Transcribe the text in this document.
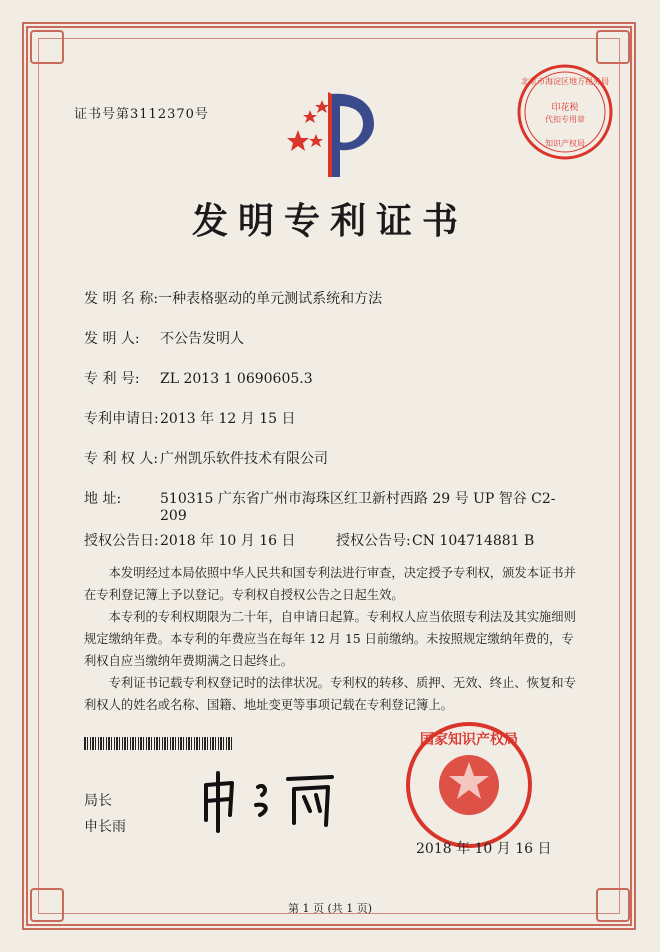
证书号第3112370号
北京市海淀区地方税务局
印花税
代扣专用章
知识产权局
发明专利证书
发 明 名 称:一种表格驱动的单元测试系统和方法
发 明 人: 不公告发明人
专 利 号: ZL 2013 1 0690605.3
专利申请日:2013 年 12 月 15 日
专 利 权 人: 广州凯乐软件技术有限公司
地 址:	510315 广东省广州市海珠区红卫新村西路 29 号 UP 智谷 C2-
209
授权公告日:2018 年 10 月 16 日	授权公告号:CN 104714881 B

本发明经过本局依照中华人民共和国专利法进行审查，决定授予专利权，颁发本证书并在专利登记簿上予以登记。专利权自授权公告之日起生效。

本专利的专利权期限为二十年，自申请日起算。专利权人应当依照专利法及其实施细则规定缴纳年费。本专利的年费应当在每年 12 月 15 日前缴纳。未按照规定缴纳年费的，专利权自应当缴纳年费期满之日起终止。

专利证书记载专利权登记时的法律状况。专利权的转移、质押、无效、终止、恢复和专利权人的姓名或名称、国籍、地址变更等事项记载在专利登记簿上。

局长
申长雨
国家知识产权局
2018 年 10 月 16 日
第 1 页 (共 1 页)
